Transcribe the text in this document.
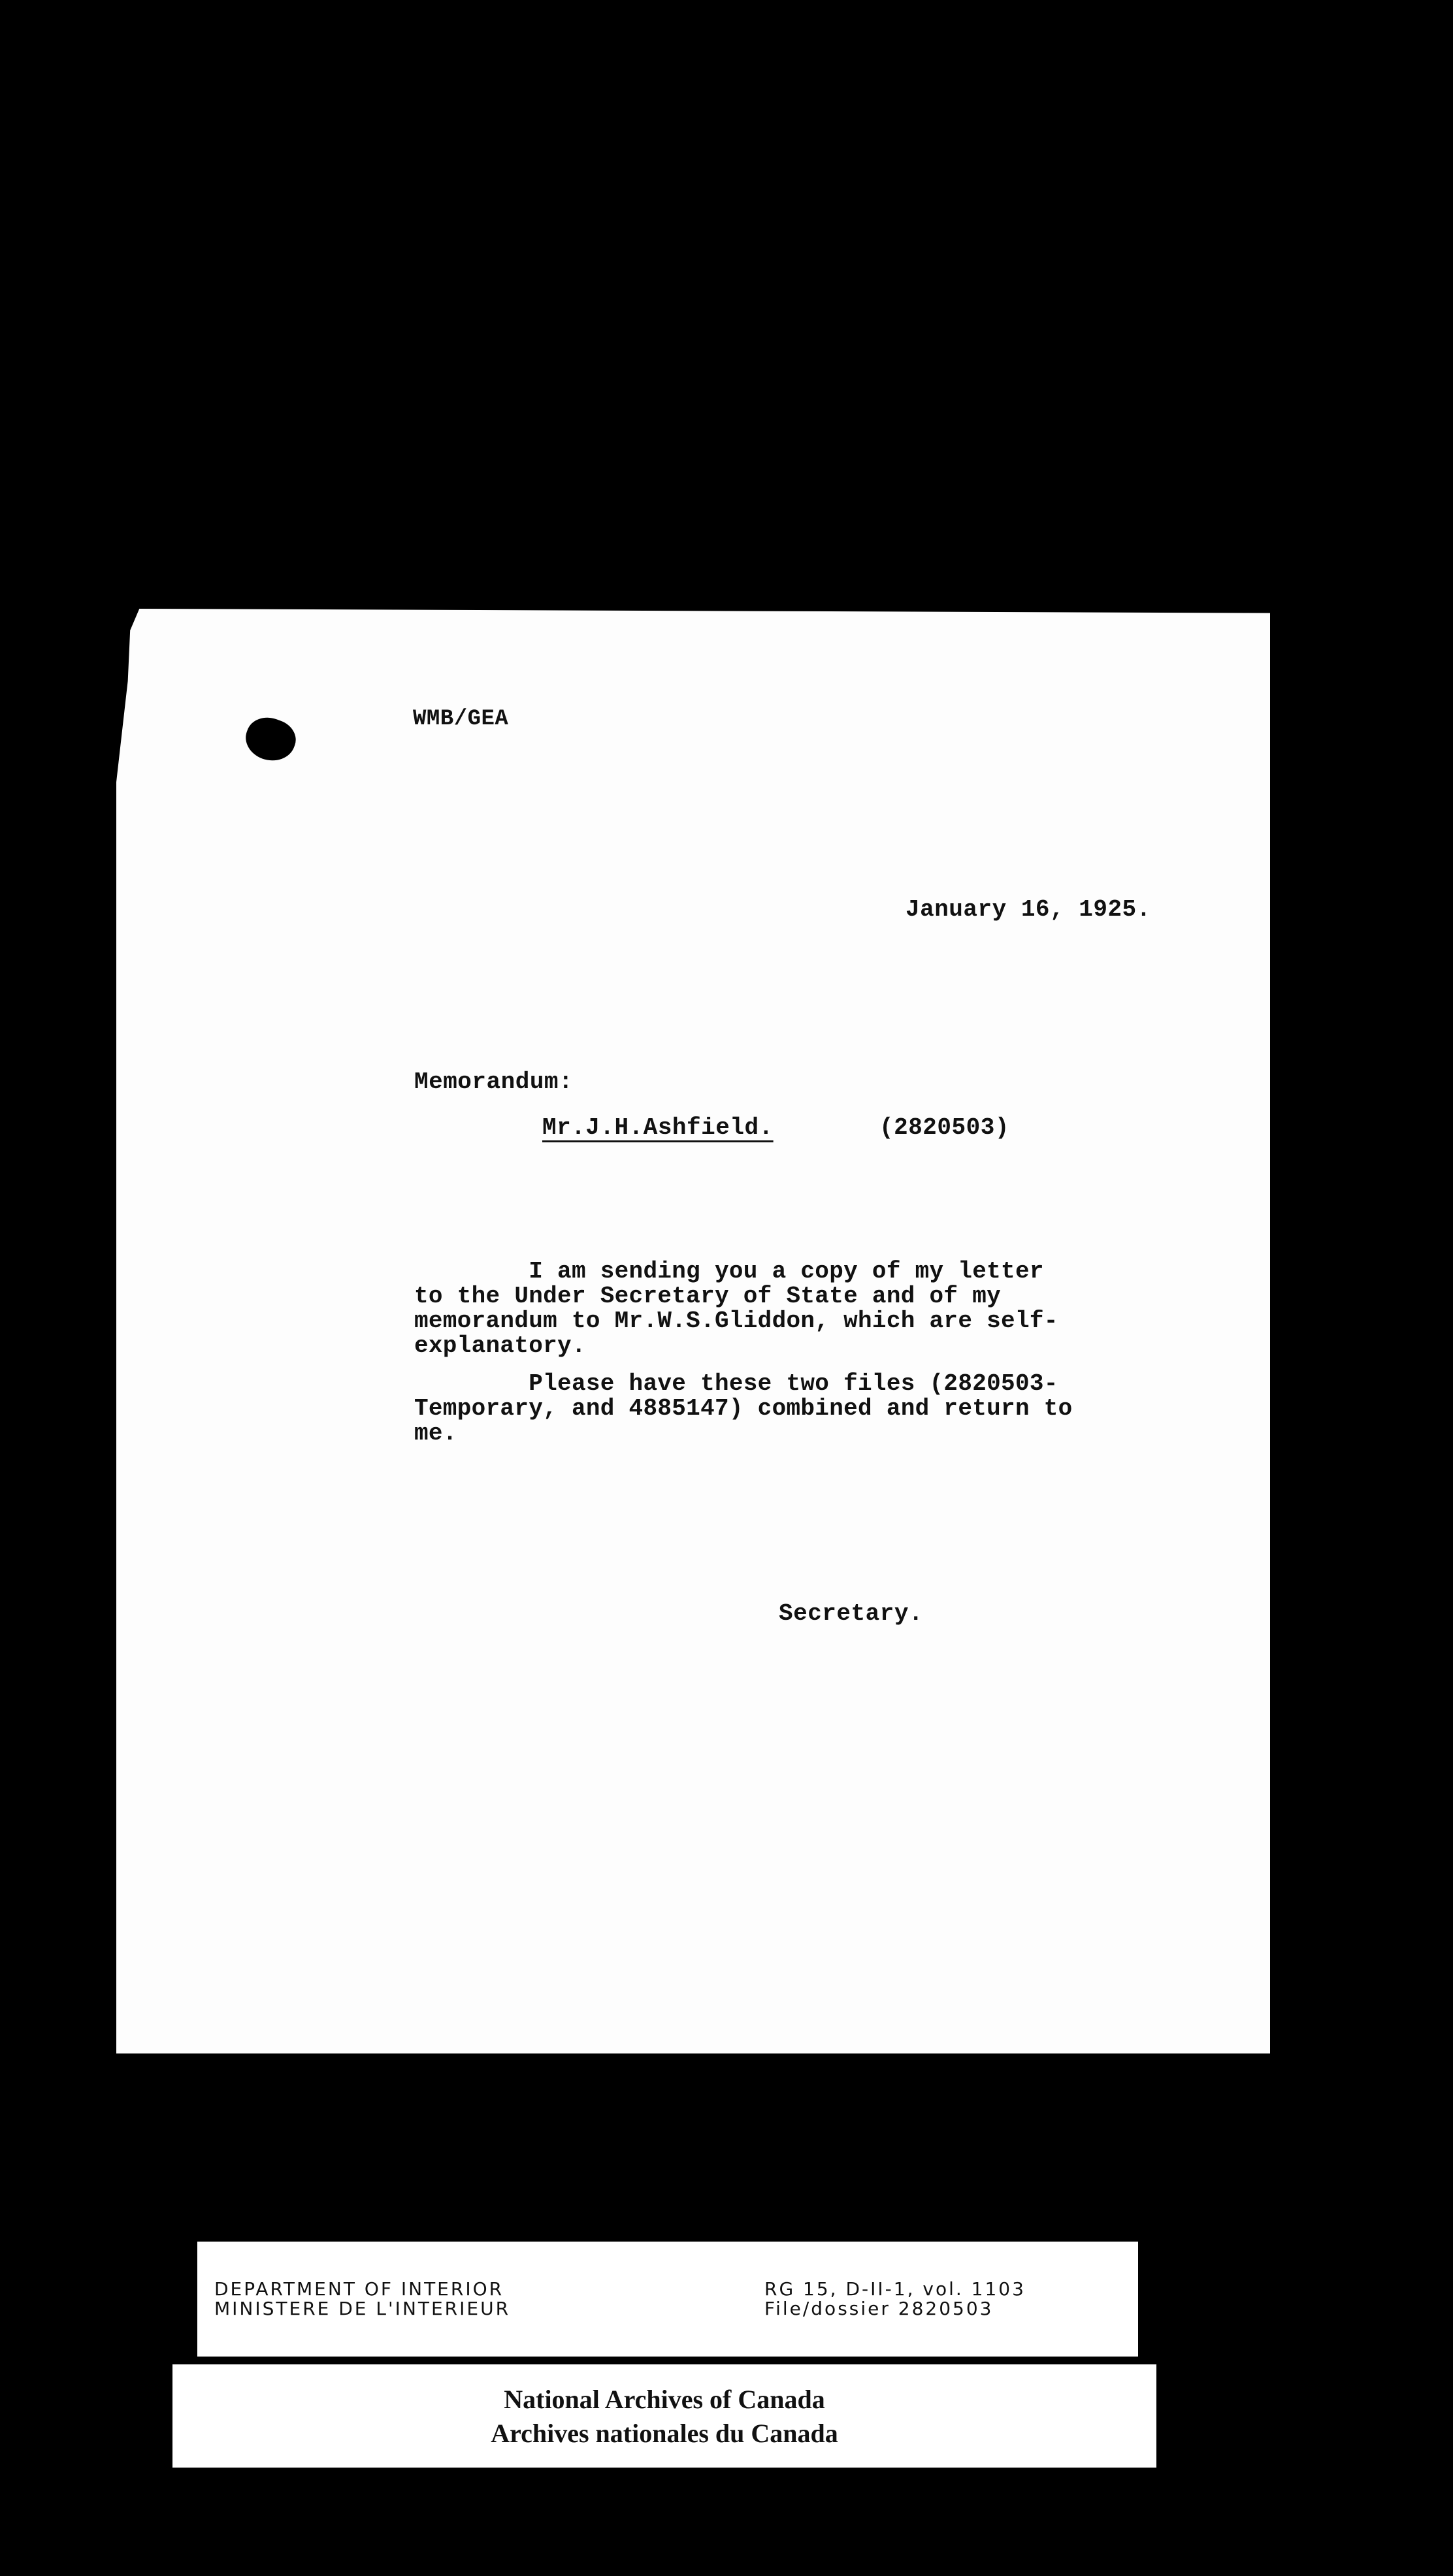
WMB/GEA
January 16, 1925.
Memorandum:
Mr.J.H.Ashfield.	(2820503)

I am sending you a copy of my letter
to the Under Secretary of State and of my
memorandum to Mr.W.S.Gliddon, which are self-
explanatory.

Please have these two files (2820503-
Temporary, and 4885147) combined and return to
me.

Secretary.
DEPARTMENT OF INTERIOR
MINISTERE DE L'INTERIEUR
RG 15, D-II-1, vol. 1103
File/dossier 2820503
National Archives of Canada
Archives nationales du Canada
